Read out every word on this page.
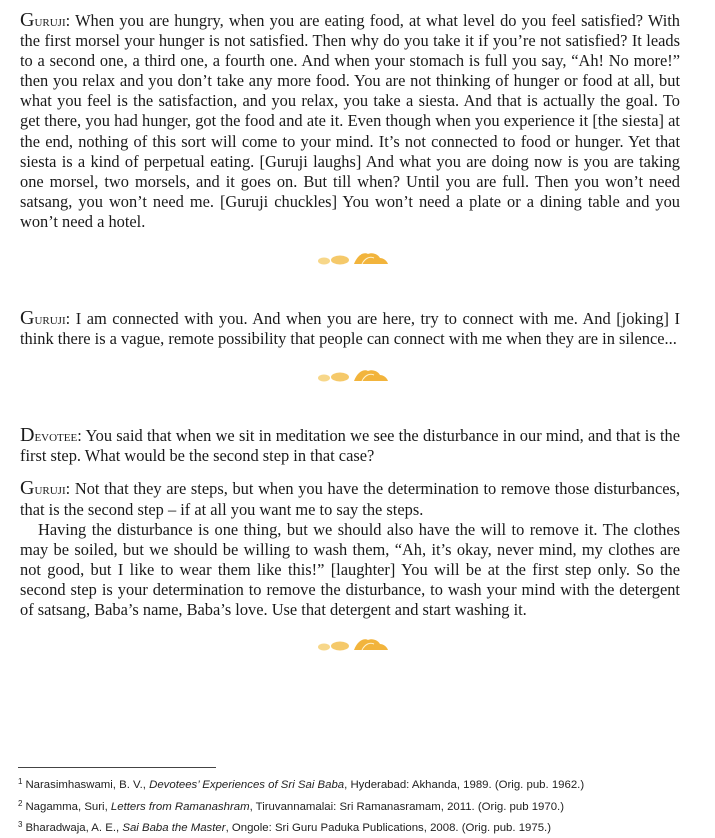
Guruji: When you are hungry, when you are eating food, at what level do you feel satisfied? With the first morsel your hunger is not satisfied. Then why do you take it if you’re not satisfied? It leads to a second one, a third one, a fourth one. And when your stomach is full you say, “Ah! No more!” then you relax and you don’t take any more food. You are not thinking of hunger or food at all, but what you feel is the satisfaction, and you relax, you take a siesta. And that is actually the goal. To get there, you had hunger, got the food and ate it. Even though when you experience it [the siesta] at the end, nothing of this sort will come to your mind. It’s not connected to food or hunger. Yet that siesta is a kind of perpetual eating. [Guruji laughs] And what you are doing now is you are taking one morsel, two morsels, and it goes on. But till when? Until you are full. Then you won’t need satsang, you won’t need me. [Guruji chuckles] You won’t need a plate or a dining table and you won’t need a hotel.

Guruji: I am connected with you. And when you are here, try to connect with me. And [joking] I think there is a vague, remote possibility that people can connect with me when they are in silence...

Devotee: You said that when we sit in meditation we see the disturbance in our mind, and that is the first step. What would be the second step in that case?

Guruji: Not that they are steps, but when you have the determination to remove those disturbances, that is the second step – if at all you want me to say the steps.

Having the disturbance is one thing, but we should also have the will to remove it. The clothes may be soiled, but we should be willing to wash them, “Ah, it’s okay, never mind, my clothes are not good, but I like to wear them like this!” [laughter] You will be at the first step only. So the second step is your determination to remove the disturbance, to wash your mind with the detergent of satsang, Baba’s name, Baba’s love. Use that detergent and start washing it.

$^1$ Narasimhaswami, B. V., Devotees’ Experiences of Sri Sai Baba, Hyderabad: Akhanda, 1989. (Orig. pub. 1962.)
$^2$ Nagamma, Suri, Letters from Ramanashram, Tiruvannamalai: Sri Ramanasramam, 2011. (Orig. pub 1970.)
$^3$ Bharadwaja, A. E., Sai Baba the Master, Ongole: Sri Guru Paduka Publications, 2008. (Orig. pub. 1975.)
